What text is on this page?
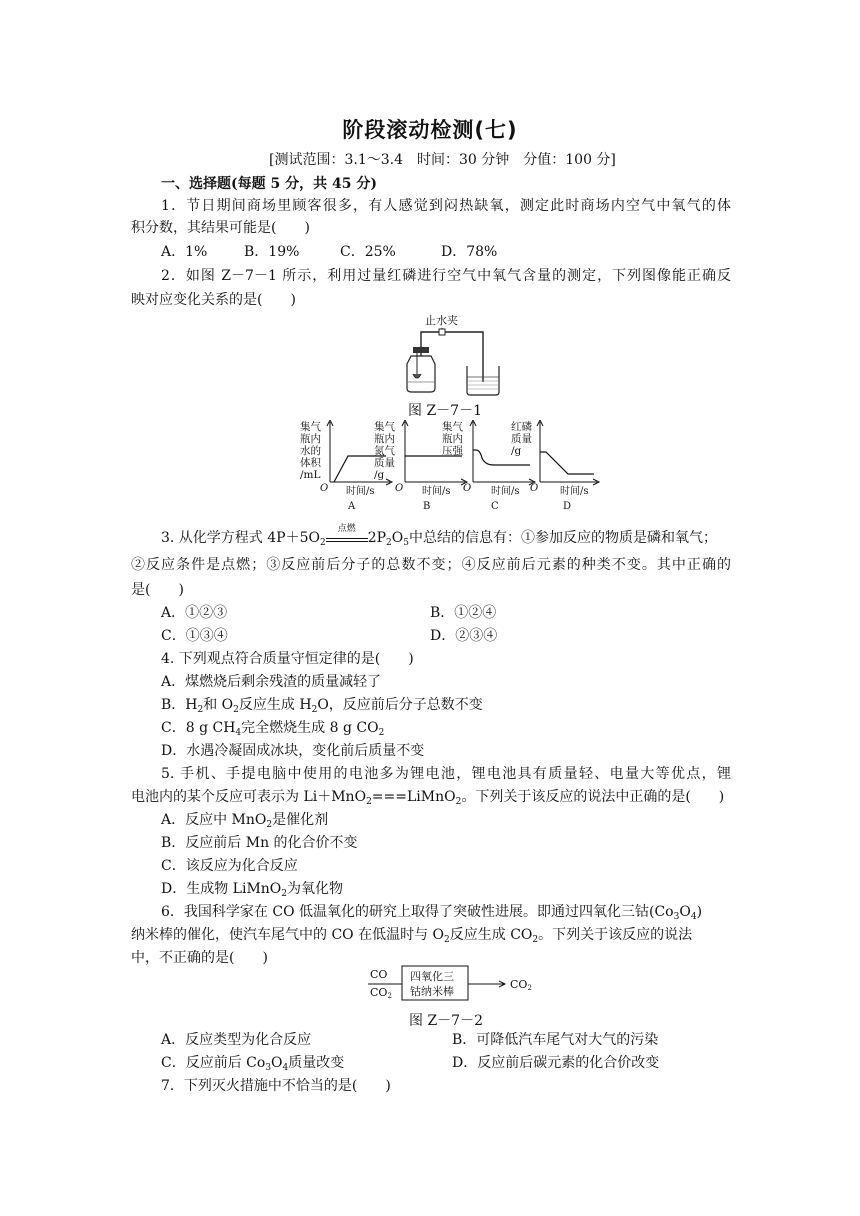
阶段滚动检测(七)
[测试范围：3.1～3.4　时间：30 分钟　分值：100 分]
一、选择题(每题 5 分，共 45 分)
1．节日期间商场里顾客很多，有人感觉到闷热缺氧，测定此时商场内空气中氧气的体
积分数，其结果可能是(　　)
A．1%	B．19%	C．25%	D．78%
2．如图 Z－7－1 所示，利用过量红磷进行空气中氧气含量的测定，下列图像能正确反
映对应变化关系的是(　　)
止水夹
图 Z－7－1
集气 瓶内 水的 体积 /mL
O 时间/s
A
集气 瓶内 氮气 质量 /g
O 时间/s
B
集气 瓶内 压强
O 时间/s
C
红磷 质量 /g
O 时间/s
D
3. 从化学方程式 $4P+5O_2$
点燃
$2P_2O_5$中总结的信息有：①参加反应的物质是磷和氧气；
②反应条件是点燃；③反应前后分子的总数不变；④反应前后元素的种类不变。其中正确的
是(　　)
A．①②③	B．①②④
C．①③④	D．②③④
4. 下列观点符合质量守恒定律的是(　　)
A．煤燃烧后剩余残渣的质量减轻了
B．$H_2$和 $O_2$反应生成 $H_2O$，反应前后分子总数不变
C．8 g $CH_4$完全燃烧生成 8 g $CO_2$
D．水遇冷凝固成冰块，变化前后质量不变
5. 手机、手提电脑中使用的电池多为锂电池，锂电池具有质量轻、电量大等优点，锂
电池内的某个反应可表示为 Li＋MnO$_2$===LiMnO$_2$。下列关于该反应的说法中正确的是(　　)
A．反应中 MnO$_2$是催化剂
B．反应前后 Mn 的化合价不变
C．该反应为化合反应
D．生成物 LiMnO$_2$为氧化物
6．我国科学家在 CO 低温氧化的研究上取得了突破性进展。即通过四氧化三钴$(Co_3O_4)$
纳米棒的催化，使汽车尾气中的 CO 在低温时与 $O_2$反应生成 $CO_2$。下列关于该反应的说法
中，不正确的是(　　)
CO
CO2
四氧化三
钴纳米棒
CO2
图 Z－7－2
A．反应类型为化合反应	B．可降低汽车尾气对大气的污染
C．反应前后 $Co_3O_4$质量改变	D．反应前后碳元素的化合价改变
7．下列灭火措施中不恰当的是(　　)
